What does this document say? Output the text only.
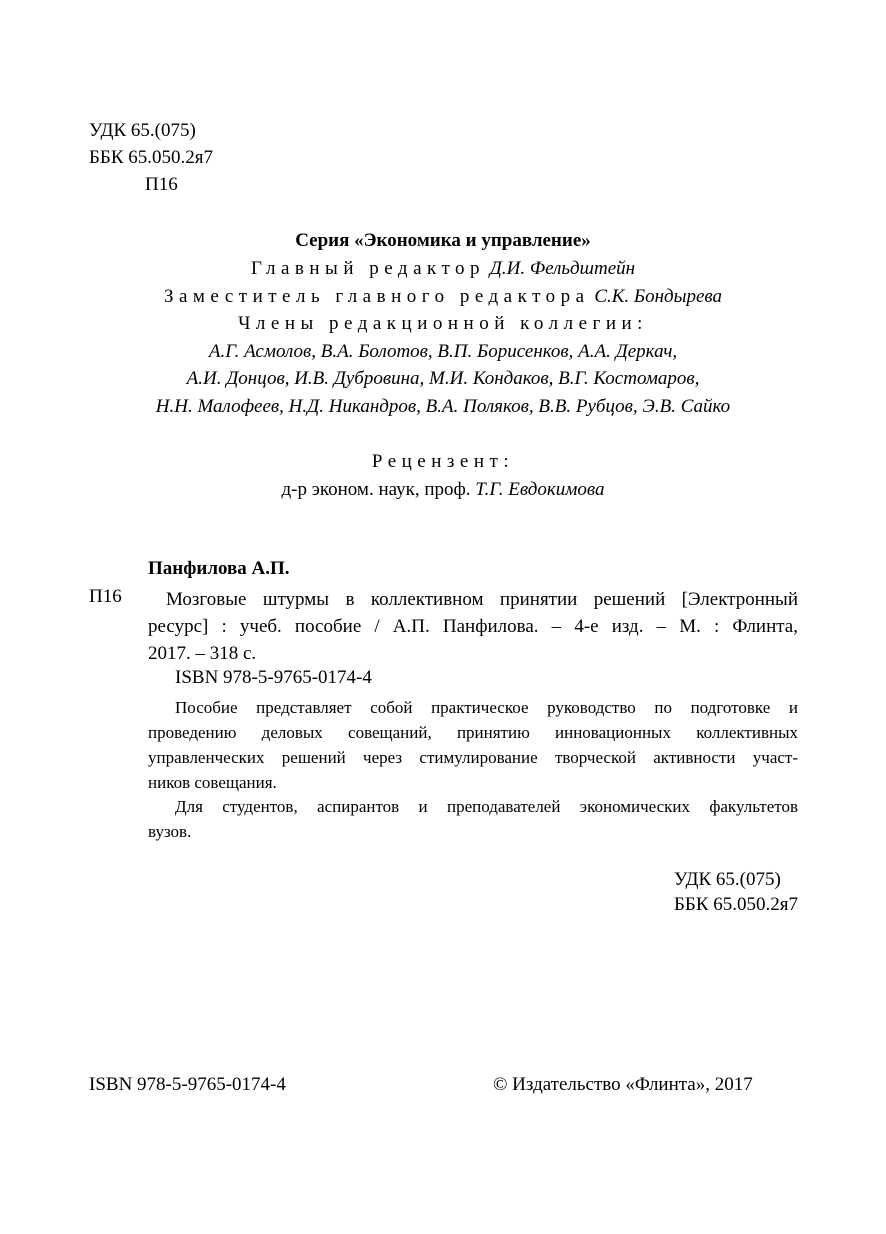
УДК 65.(075)
ББК 65.050.2я7
П16
Серия «Экономика и управление»
Главный редактор Д.И. Фельдштейн
Заместитель главного редактора С.К. Бондырева
Члены редакционной коллегии:
А.Г. Асмолов, В.А. Болотов, В.П. Борисенков, А.А. Деркач,
А.И. Донцов, И.В. Дубровина, М.И. Кондаков, В.Г. Костомаров,
Н.Н. Малофеев, Н.Д. Никандров, В.А. Поляков, В.В. Рубцов, Э.В. Сайко
Рецензент:
д-р эконом. наук, проф. Т.Г. Евдокимова
Панфилова А.П.
П16	Мозговые штурмы в коллективном принятии решений [Электронный
ресурс] : учеб. пособие / А.П. Панфилова. – 4-е изд. – М. : Флинта,
2017. – 318 с.
ISBN 978-5-9765-0174-4
Пособие представляет собой практическое руководство по подготовке и
проведению деловых совещаний, принятию инновационных коллективных
управленческих решений через стимулирование творческой активности участ-
ников совещания.
Для студентов, аспирантов и преподавателей экономических факультетов
вузов.
УДК 65.(075)
ББК 65.050.2я7
ISBN 978-5-9765-0174-4	© Издательство «Флинта», 2017
